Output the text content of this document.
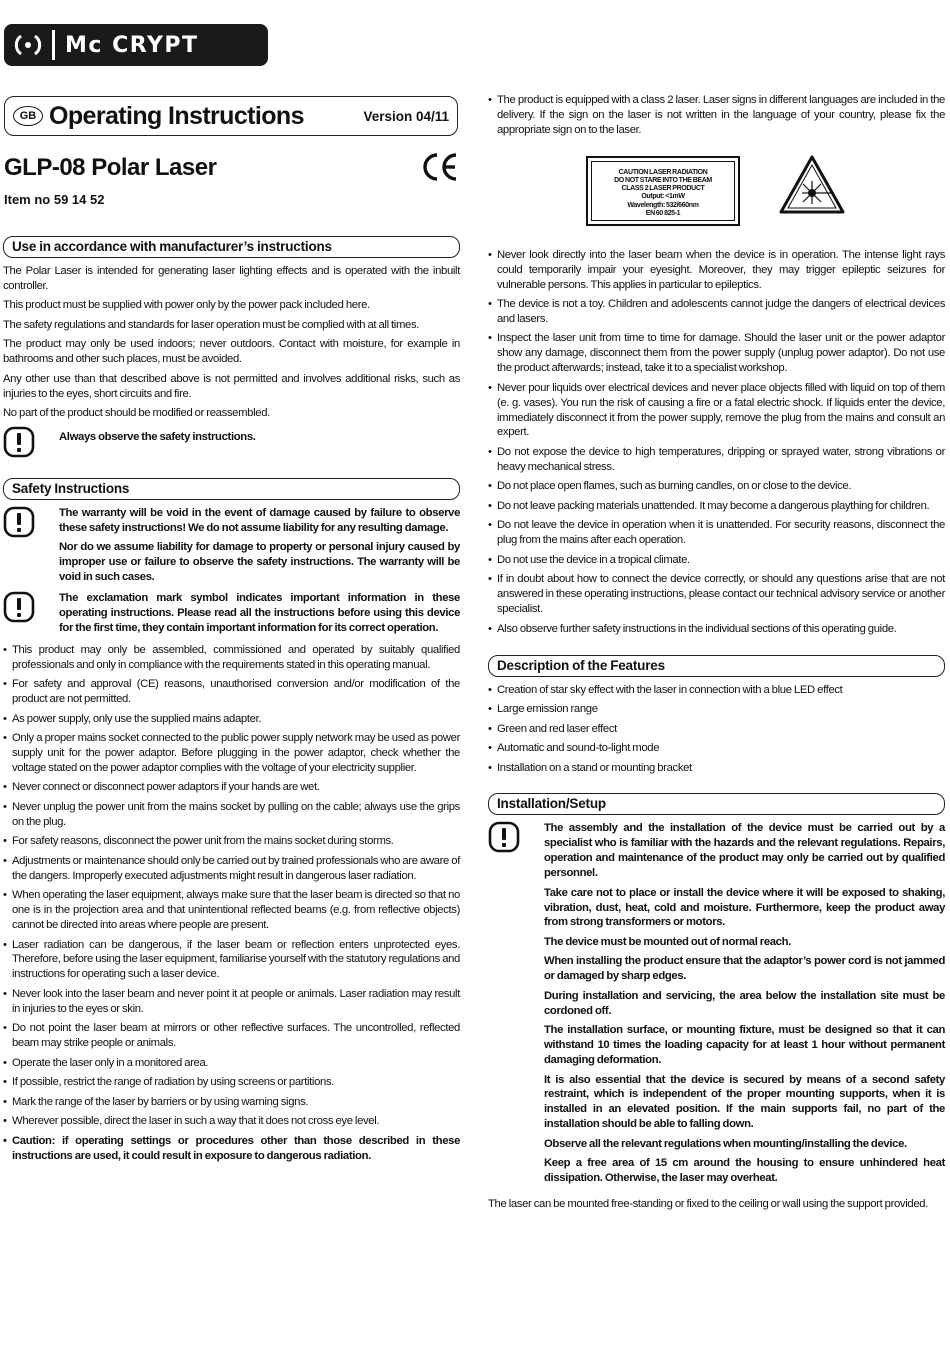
Mc CRYPT
GB Operating Instructions	Version 04/11
GLP-08 Polar Laser
Item no 59 14 52
Use in accordance with manufacturer’s instructions

The Polar Laser is intended for generating laser lighting effects and is operated with the inbuilt controller.

This product must be supplied with power only by the power pack included here.

The safety regulations and standards for laser operation must be complied with at all times.

The product may only be used indoors; never outdoors. Contact with moisture, for example in bathrooms and other such places, must be avoided.

Any other use than that described above is not permitted and involves additional risks, such as injuries to the eyes, short circuits and fire.

No part of the product should be modified or reassembled.

Always observe the safety instructions.
Safety Instructions

The warranty will be void in the event of damage caused by failure to observe these safety instructions! We do not assume liability for any resulting damage.

Nor do we assume liability for damage to property or personal injury caused by improper use or failure to observe the safety instructions. The warranty will be void in such cases.

The exclamation mark symbol indicates important information in these operating instructions. Please read all the instructions before using this device for the first time, they contain important information for its correct operation.

• This product may only be assembled, commissioned and operated by suitably qualified professionals and only in compliance with the requirements stated in this operating manual.
• For safety and approval (CE) reasons, unauthorised conversion and/or modification of the product are not permitted.
• As power supply, only use the supplied mains adapter.
• Only a proper mains socket connected to the public power supply network may be used as power supply unit for the power adaptor. Before plugging in the power adaptor, check whether the voltage stated on the power adaptor complies with the voltage of your electricity supplier.
• Never connect or disconnect power adaptors if your hands are wet.
• Never unplug the power unit from the mains socket by pulling on the cable; always use the grips on the plug.
• For safety reasons, disconnect the power unit from the mains socket during storms.
• Adjustments or maintenance should only be carried out by trained professionals who are aware of the dangers. Improperly executed adjustments might result in dangerous laser radiation.
• When operating the laser equipment, always make sure that the laser beam is directed so that no one is in the projection area and that unintentional reflected beams (e.g. from reflective objects) cannot be directed into areas where people are present.
• Laser radiation can be dangerous, if the laser beam or reflection enters unprotected eyes. Therefore, before using the laser equipment, familiarise yourself with the statutory regulations and instructions for operating such a laser device.
• Never look into the laser beam and never point it at people or animals. Laser radiation may result in injuries to the eyes or skin.
• Do not point the laser beam at mirrors or other reflective surfaces. The uncontrolled, reflected beam may strike people or animals.
• Operate the laser only in a monitored area.
• If possible, restrict the range of radiation by using screens or partitions.
• Mark the range of the laser by barriers or by using warning signs.
• Wherever possible, direct the laser in such a way that it does not cross eye level.
• Caution: if operating settings or procedures other than those described in these instructions are used, it could result in exposure to dangerous radiation.
• The product is equipped with a class 2 laser. Laser signs in different languages are included in the delivery. If the sign on the laser is not written in the language of your country, please fix the appropriate sign on to the laser.
CAUTION LASER RADIATION
DO NOT STARE INTO THE BEAM
CLASS 2 LASER PRODUCT
Output: <1mW
Wavelength: 532/660nm
EN 60 825-1
• Never look directly into the laser beam when the device is in operation. The intense light rays could temporarily impair your eyesight. Moreover, they may trigger epileptic seizures for vulnerable persons. This applies in particular to epileptics.
• The device is not a toy. Children and adolescents cannot judge the dangers of electrical devices and lasers.
• Inspect the laser unit from time to time for damage. Should the laser unit or the power adaptor show any damage, disconnect them from the power supply (unplug power adaptor). Do not use the product afterwards; instead, take it to a specialist workshop.
• Never pour liquids over electrical devices and never place objects filled with liquid on top of them (e. g. vases). You run the risk of causing a fire or a fatal electric shock. If liquids enter the device, immediately disconnect it from the power supply, remove the plug from the mains and consult an expert.
• Do not expose the device to high temperatures, dripping or sprayed water, strong vibrations or heavy mechanical stress.
• Do not place open flames, such as burning candles, on or close to the device.
• Do not leave packing materials unattended. It may become a dangerous plaything for children.
• Do not leave the device in operation when it is unattended. For security reasons, disconnect the plug from the mains after each operation.
• Do not use the device in a tropical climate.
• If in doubt about how to connect the device correctly, or should any questions arise that are not answered in these operating instructions, please contact our technical advisory service or another specialist.
• Also observe further safety instructions in the individual sections of this operating guide.
Description of the Features
• Creation of star sky effect with the laser in connection with a blue LED effect
• Large emission range
• Green and red laser effect
• Automatic and sound-to-light mode
• Installation on a stand or mounting bracket
Installation/Setup

The assembly and the installation of the device must be carried out by a specialist who is familiar with the hazards and the relevant regulations. Repairs, operation and maintenance of the product may only be carried out by qualified personnel.

Take care not to place or install the device where it will be exposed to shaking, vibration, dust, heat, cold and moisture. Furthermore, keep the product away from strong transformers or motors.

The device must be mounted out of normal reach.

When installing the product ensure that the adaptor’s power cord is not jammed or damaged by sharp edges.

During installation and servicing, the area below the installation site must be cordoned off.

The installation surface, or mounting fixture, must be designed so that it can withstand 10 times the loading capacity for at least 1 hour without permanent damaging deformation.

It is also essential that the device is secured by means of a second safety restraint, which is independent of the proper mounting supports, when it is installed in an elevated position. If the main supports fail, no part of the installation should be able to falling down.

Observe all the relevant regulations when mounting/installing the device.

Keep a free area of 15 cm around the housing to ensure unhindered heat dissipation. Otherwise, the laser may overheat.

The laser can be mounted free-standing or fixed to the ceiling or wall using the support provided.
